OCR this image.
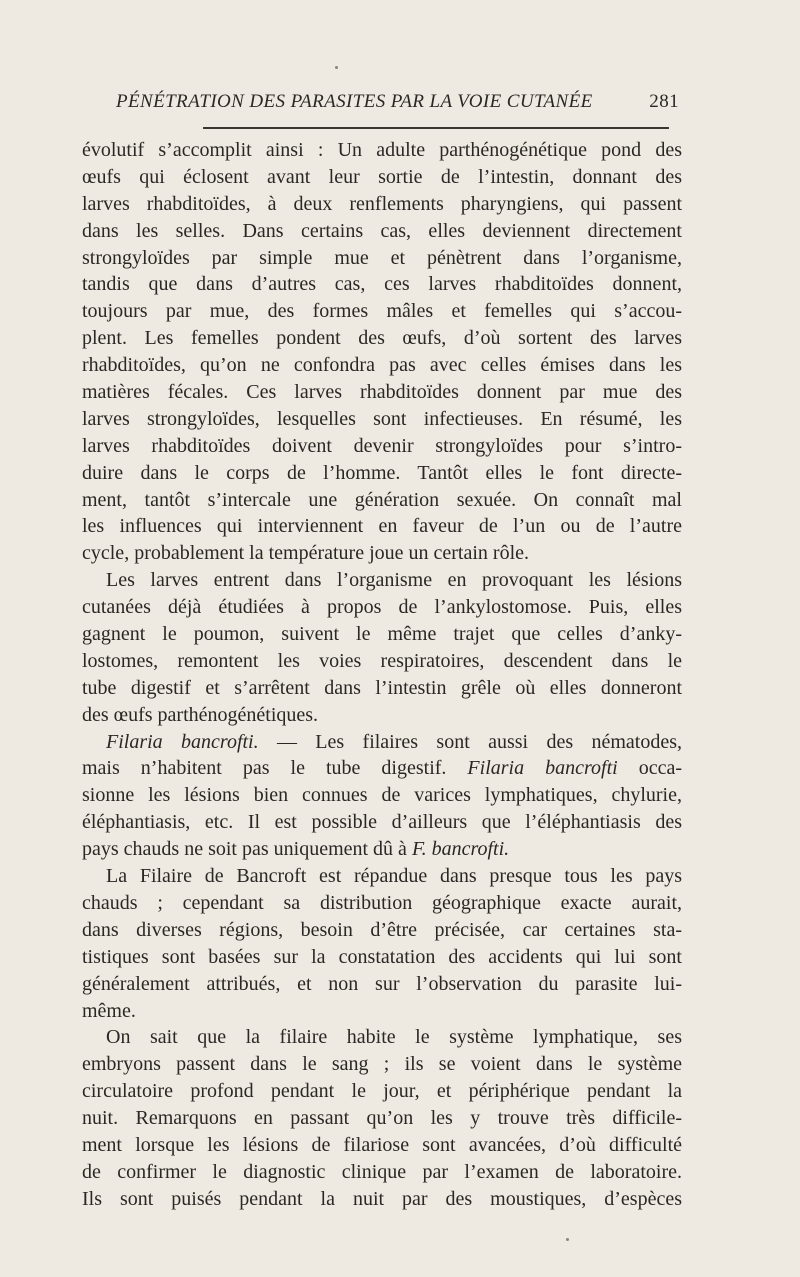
PÉNÉTRATION DES PARASITES PAR LA VOIE CUTANÉE	281
évolutif s’accomplit ainsi : Un adulte parthénogénétique pond des
œufs qui éclosent avant leur sortie de l’intestin, donnant des
larves rhabditoïdes, à deux renflements pharyngiens, qui passent
dans les selles. Dans certains cas, elles deviennent directement
strongyloïdes par simple mue et pénètrent dans l’organisme,
tandis que dans d’autres cas, ces larves rhabditoïdes donnent,
toujours par mue, des formes mâles et femelles qui s’accou-
plent. Les femelles pondent des œufs, d’où sortent des larves
rhabditoïdes, qu’on ne confondra pas avec celles émises dans les
matières fécales. Ces larves rhabditoïdes donnent par mue des
larves strongyloïdes, lesquelles sont infectieuses. En résumé, les
larves rhabditoïdes doivent devenir strongyloïdes pour s’intro-
duire dans le corps de l’homme. Tantôt elles le font directe-
ment, tantôt s’intercale une génération sexuée. On connaît mal
les influences qui interviennent en faveur de l’un ou de l’autre
cycle, probablement la température joue un certain rôle.
Les larves entrent dans l’organisme en provoquant les lésions
cutanées déjà étudiées à propos de l’ankylostomose. Puis, elles
gagnent le poumon, suivent le même trajet que celles d’anky-
lostomes, remontent les voies respiratoires, descendent dans le
tube digestif et s’arrêtent dans l’intestin grêle où elles donneront
des œufs parthénogénétiques.
Filaria bancrofti. — Les filaires sont aussi des nématodes,
mais n’habitent pas le tube digestif. Filaria bancrofti occa-
sionne les lésions bien connues de varices lymphatiques, chylurie,
éléphantiasis, etc. Il est possible d’ailleurs que l’éléphantiasis des
pays chauds ne soit pas uniquement dû à F. bancrofti.
La Filaire de Bancroft est répandue dans presque tous les pays
chauds ; cependant sa distribution géographique exacte aurait,
dans diverses régions, besoin d’être précisée, car certaines sta-
tistiques sont basées sur la constatation des accidents qui lui sont
généralement attribués, et non sur l’observation du parasite lui-
même.
On sait que la filaire habite le système lymphatique, ses
embryons passent dans le sang ; ils se voient dans le système
circulatoire profond pendant le jour, et périphérique pendant la
nuit. Remarquons en passant qu’on les y trouve très difficile-
ment lorsque les lésions de filariose sont avancées, d’où difficulté
de confirmer le diagnostic clinique par l’examen de laboratoire.
Ils sont puisés pendant la nuit par des moustiques, d’espèces
